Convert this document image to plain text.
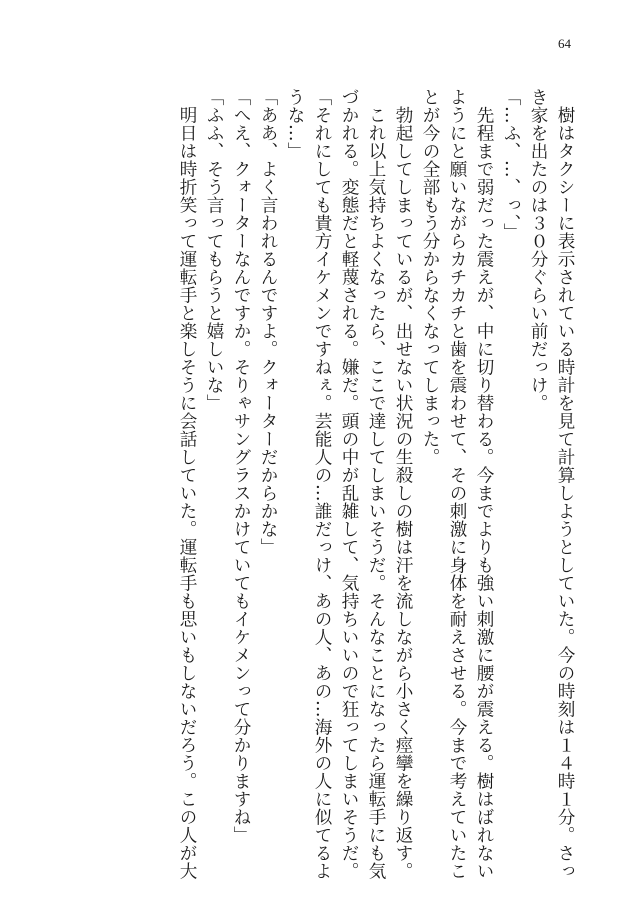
64
　樹はタクシーに表示されている時計を見て計算しようとしていた。今の時刻は１４時１分。さっ
き家を出たのは３０分ぐらい前だっけ。
「…ふ、…、っ、」
　先程まで弱だった震えが、中に切り替わる。今までよりも強い刺激に腰が震える。樹はばれない
ようにと願いながらカチカチと歯を震わせて、その刺激に身体を耐えさせる。今まで考えていたこ
とが今の全部もう分からなくなってしまった。
　勃起してしまっているが、出せない状況の生殺しの樹は汗を流しながら小さく痙攣を繰り返す。
　これ以上気持ちよくなったら、ここで達してしまいそうだ。そんなことになったら運転手にも気
づかれる。変態だと軽蔑される。嫌だ。頭の中が乱雑して、気持ちいいので狂ってしまいそうだ。
「それにしても貴方イケメンですねぇ。芸能人の…誰だっけ、あの人、あの…海外の人に似てるよ
うな…」
「ああ、よく言われるんですよ。クォーターだからかな」
「へえ、クォーターなんですか。そりゃサングラスかけていてもイケメンって分かりますね」
「ふふ、そう言ってもらうと嬉しいな」
　明日は時折笑って運転手と楽しそうに会話していた。運転手も思いもしないだろう。この人が大
